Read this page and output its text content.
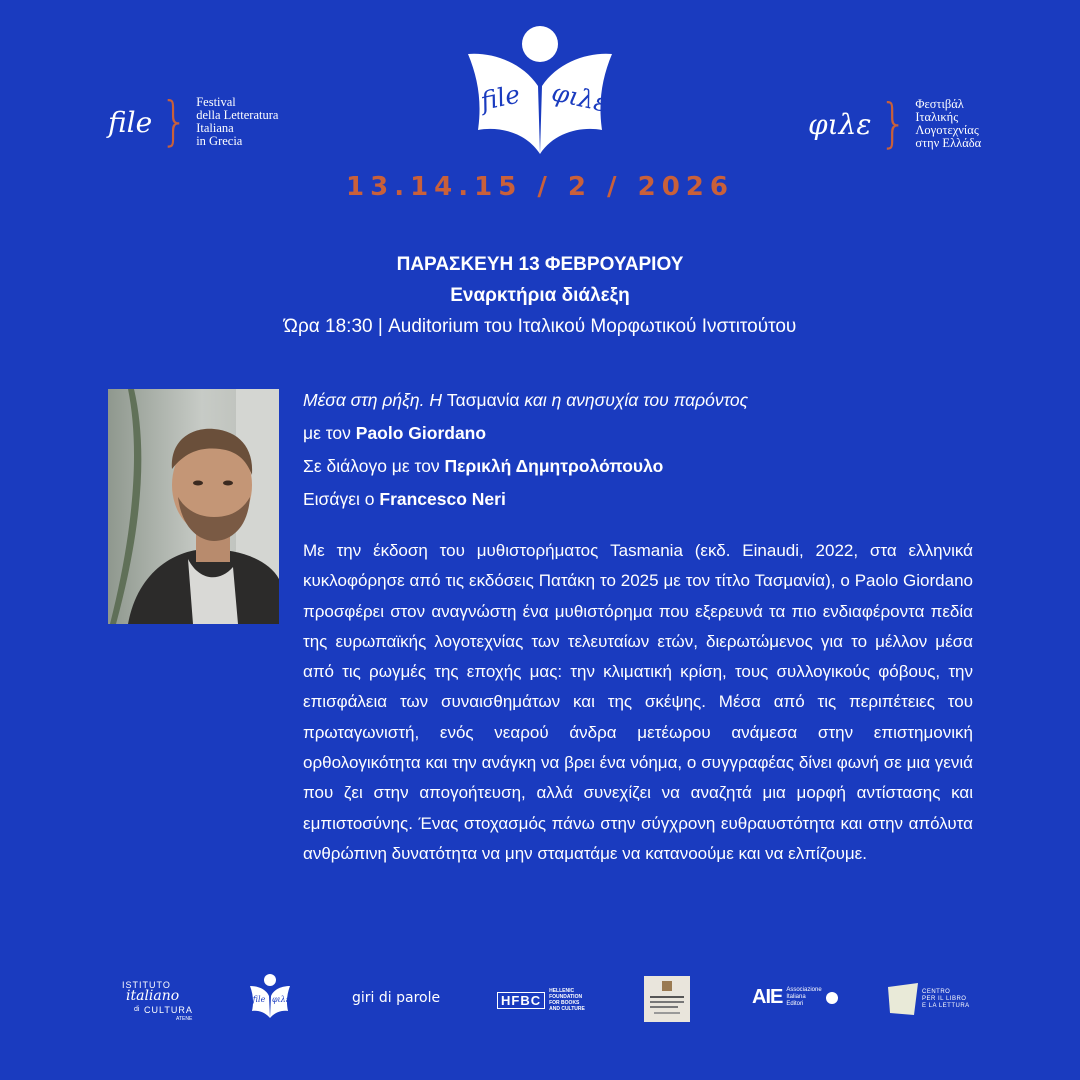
file } Festival
della Letteratura
Italiana
in Grecia
file φιλε
φιλε } Φεστιβάλ
Ιταλικής
Λογοτεχνίας
στην Ελλάδα
13.14.15 / 2 / 2026
ΠΑΡΑΣΚΕΥΗ 13 ΦΕΒΡΟΥΑΡΙΟΥ
Εναρκτήρια διάλεξη
Ώρα 18:30 | Auditorium του Ιταλικού Μορφωτικού Ινστιτούτου
Μέσα στη ρήξη. Η Τασμανία και η ανησυχία του παρόντος
με τον Paolo Giordano
Σε διάλογο με τον Περικλή Δημητρολόπουλο
Εισάγει ο Francesco Neri
Με την έκδοση του μυθιστορήματος Tasmania (εκδ. Einaudi, 2022, στα ελληνικά κυκλοφόρησε από τις εκδόσεις Πατάκη το 2025 με τον τίτλο Τασμανία), ο Paolo Giordano προσφέρει στον αναγνώστη ένα μυθιστόρημα που εξερευνά τα πιο ενδιαφέροντα πεδία της ευρωπαϊκής λογοτεχνίας των τελευταίων ετών, διερωτώμενος για το μέλλον μέσα από τις ρωγμές της εποχής μας: την κλιματική κρίση, τους συλλογικούς φόβους, την επισφάλεια των συναισθημάτων και της σκέψης. Μέσα από τις περιπέτειες του πρωταγωνιστή, ενός νεαρού άνδρα μετέωρου ανάμεσα στην επιστημονική ορθολογικότητα και την ανάγκη να βρει ένα νόημα, ο συγγραφέας δίνει φωνή σε μια γενιά που ζει στην απογοήτευση, αλλά συνεχίζει να αναζητά μια μορφή αντίστασης και εμπιστοσύνης. Ένας στοχασμός πάνω στην σύγχρονη ευθραυστότητα και στην απόλυτα ανθρώπινη δυνατότητα να μην σταματάμε να κατανοούμε και να ελπίζουμε.
ISTITUTO
italiano
di CULTURA
ATENE
file φιλε	giri di parole	HFBC
HELLENIC
FOUNDATION
FOR BOOKS
AND CULTURE
AIE Associazione
Italiana
Editori
CENTRO
PER IL LIBRO
E LA LETTURA
